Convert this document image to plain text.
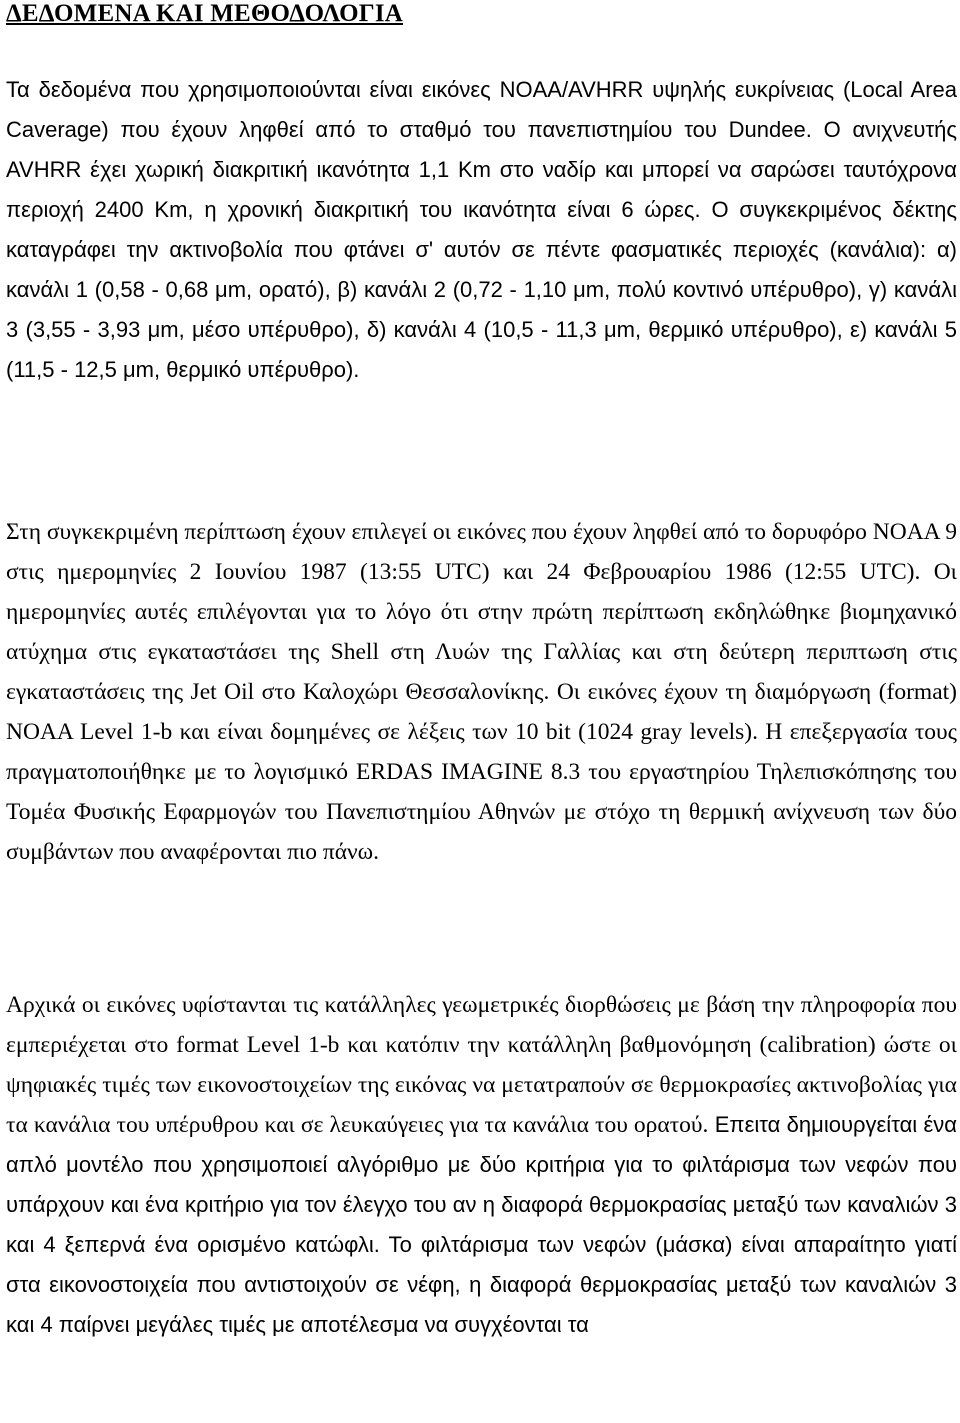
ΔΕΔΟΜΕΝΑ ΚΑΙ ΜΕΘΟΔΟΛΟΓΙΑ

Τα δεδομένα που χρησιμοποιούνται είναι εικόνες NOAA/AVHRR υψηλής ευκρίνειας (Local Area Caverage) που έχουν ληφθεί από το σταθμό του πανεπιστημίου του Dundee. Ο ανιχνευτής AVHRR έχει χωρική διακριτική ικανότητα 1,1 Km στο ναδίρ και μπορεί να σαρώσει ταυτόχρονα περιοχή 2400 Km, η χρονική διακριτική του ικανότητα είναι 6 ώρες. Ο συγκεκριμένος δέκτης καταγράφει την ακτινοβολία που φτάνει σ' αυτόν σε πέντε φασματικές περιοχές (κανάλια): α) κανάλι 1 (0,58 - 0,68 μm, ορατό), β) κανάλι 2 (0,72 - 1,10 μm, πολύ κοντινό υπέρυθρο), γ) κανάλι 3 (3,55 - 3,93 μm, μέσο υπέρυθρο), δ) κανάλι 4 (10,5 - 11,3 μm, θερμικό υπέρυθρο), ε) κανάλι 5 (11,5 - 12,5 μm, θερμικό υπέρυθρο).

Στη συγκεκριμένη περίπτωση έχουν επιλεγεί οι εικόνες που έχουν ληφθεί από το δορυφόρο NOAA 9 στις ημερομηνίες 2 Ιουνίου 1987 (13:55 UTC) και 24 Φεβρουαρίου 1986 (12:55 UTC). Οι ημερομηνίες αυτές επιλέγονται για το λόγο ότι στην πρώτη περίπτωση εκδηλώθηκε βιομηχανικό ατύχημα στις εγκαταστάσει της Shell στη Λυών της Γαλλίας και στη δεύτερη περιπτωση στις εγκαταστάσεις της Jet Oil στο Καλοχώρι Θεσσαλονίκης. Οι εικόνες έχουν τη διαμόργωση (format) NOAA Level 1-b και είναι δομημένες σε λέξεις των 10 bit (1024 gray levels). Η επεξεργασία τους πραγματοποιήθηκε με το λογισμικό ERDAS IMAGINE 8.3 του εργαστηρίου Τηλεπισκόπησης του Τομέα Φυσικής Εφαρμογών του Πανεπιστημίου Αθηνών με στόχο τη θερμική ανίχνευση των δύο συμβάντων που αναφέρονται πιο πάνω.

Αρχικά οι εικόνες υφίστανται τις κατάλληλες γεωμετρικές διορθώσεις με βάση την πληροφορία που εμπεριέχεται στο format Level 1-b και κατόπιν την κατάλληλη βαθμονόμηση (calibration) ώστε οι ψηφιακές τιμές των εικονοστοιχείων της εικόνας να μετατραπούν σε θερμοκρασίες ακτινοβολίας για τα κανάλια του υπέρυθρου και σε λευκαύγειες για τα κανάλια του ορατού. Επειτα δημιουργείται ένα απλό μοντέλο που χρησιμοποιεί αλγόριθμο με δύο κριτήρια για το φιλτάρισμα των νεφών που υπάρχουν και ένα κριτήριο για τον έλεγχο του αν η διαφορά θερμοκρασίας μεταξύ των καναλιών 3 και 4 ξεπερνά ένα ορισμένο κατώφλι. Το φιλτάρισμα των νεφών (μάσκα) είναι απαραίτητο γιατί στα εικονοστοιχεία που αντιστοιχούν σε νέφη, η διαφορά θερμοκρασίας μεταξύ των καναλιών 3 και 4 παίρνει μεγάλες τιμές με αποτέλεσμα να συγχέονται τα
